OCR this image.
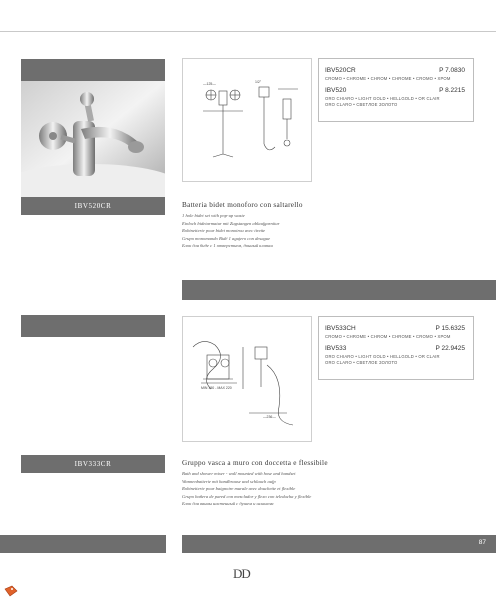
IBV520CR
—125—	1/2"
IBV520CR	P 7.0830
CROMO • CHROME • CHROM • CHROME • CROMO • ХРОМ
IBV520	P 8.2215
ORO CHIARO • LIGHT GOLD • HELLGOLD • OR CLAIR
ORO CLARO • СВЕТЛОЕ ЗОЛОТО
Batteria bidet monoforo con saltarello
1 hole bidet set with pop-up waste
Einloch bidetarmatur mit Zugstangen ablaufgarnitur
Robinetterie pour bidet monotrou avec tirette
Grupo monomando Bidé 1 agujero con desague
Блок для биде с 1 отверстием, донный клапан
IBV333CR
MIN 150 - MAX 220
—236—
IBV533CH	P 15.6325
CROMO • CHROME • CHROM • CHROME • CROMO • ХРОМ
IBV533	P 22.9425
ORO CHIARO • LIGHT GOLD • HELLGOLD • OR CLAIR
ORO CLARO • СВЕТЛОЕ ЗОЛОТО
Gruppo vasca a muro con doccetta e flessibile
Bath and shower mixer - wall mounted with hose and handset
Wannenbatterie mit handbrause und schlauch aufp
Robinetterie pour baignoire murale avec douchette et flexible
Grupo bañera de pared con mezclador y flexo con teleducha y flexible
Блок для ванны настенный с душем и шлангом
87
DD
